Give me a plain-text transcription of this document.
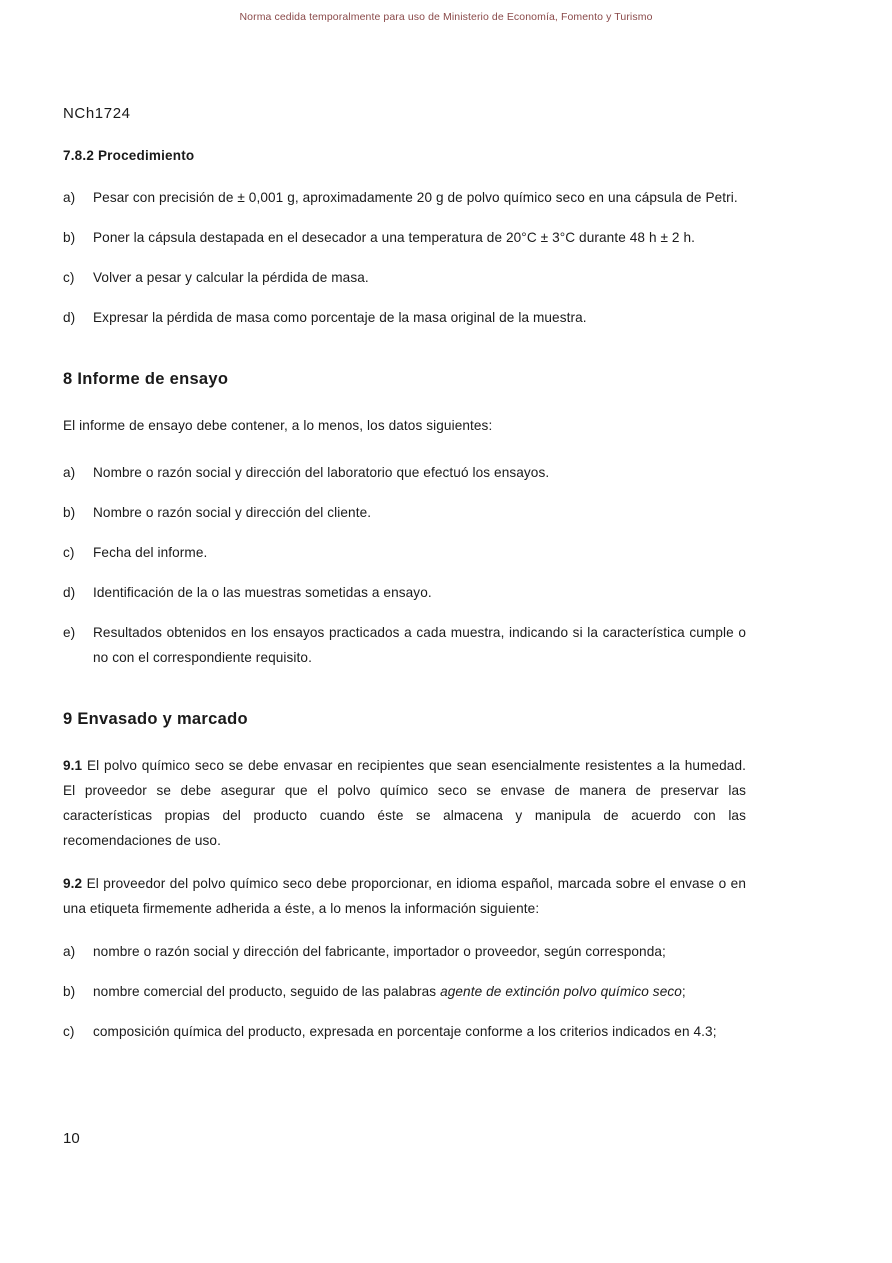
Norma cedida temporalmente para uso de Ministerio de Economía, Fomento y Turismo
NCh1724
7.8.2 Procedimiento
a)	Pesar con precisión de ± 0,001 g, aproximadamente 20 g de polvo químico seco en una cápsula de Petri.
b)	Poner la cápsula destapada en el desecador a una temperatura de 20°C ± 3°C durante 48 h ± 2 h.
c)	Volver a pesar y calcular la pérdida de masa.
d)	Expresar la pérdida de masa como porcentaje de la masa original de la muestra.
8 Informe de ensayo
El informe de ensayo debe contener, a lo menos, los datos siguientes:
a)	Nombre o razón social y dirección del laboratorio que efectuó los ensayos.
b)	Nombre o razón social y dirección del cliente.
c)	Fecha del informe.
d)	Identificación de la o las muestras sometidas a ensayo.
e)	Resultados obtenidos en los ensayos practicados a cada muestra, indicando si la característica cumple o no con el correspondiente requisito.
9 Envasado y marcado
9.1 El polvo químico seco se debe envasar en recipientes que sean esencialmente resistentes a la humedad. El proveedor se debe asegurar que el polvo químico seco se envase de manera de preservar las características propias del producto cuando éste se almacena y manipula de acuerdo con las recomendaciones de uso.
9.2 El proveedor del polvo químico seco debe proporcionar, en idioma español, marcada sobre el envase o en una etiqueta firmemente adherida a éste, a lo menos la información siguiente:
a)	nombre o razón social y dirección del fabricante, importador o proveedor, según corresponda;
b)	nombre comercial del producto, seguido de las palabras agente de extinción polvo químico seco;
c)	composición química del producto, expresada en porcentaje conforme a los criterios indicados en 4.3;
10
